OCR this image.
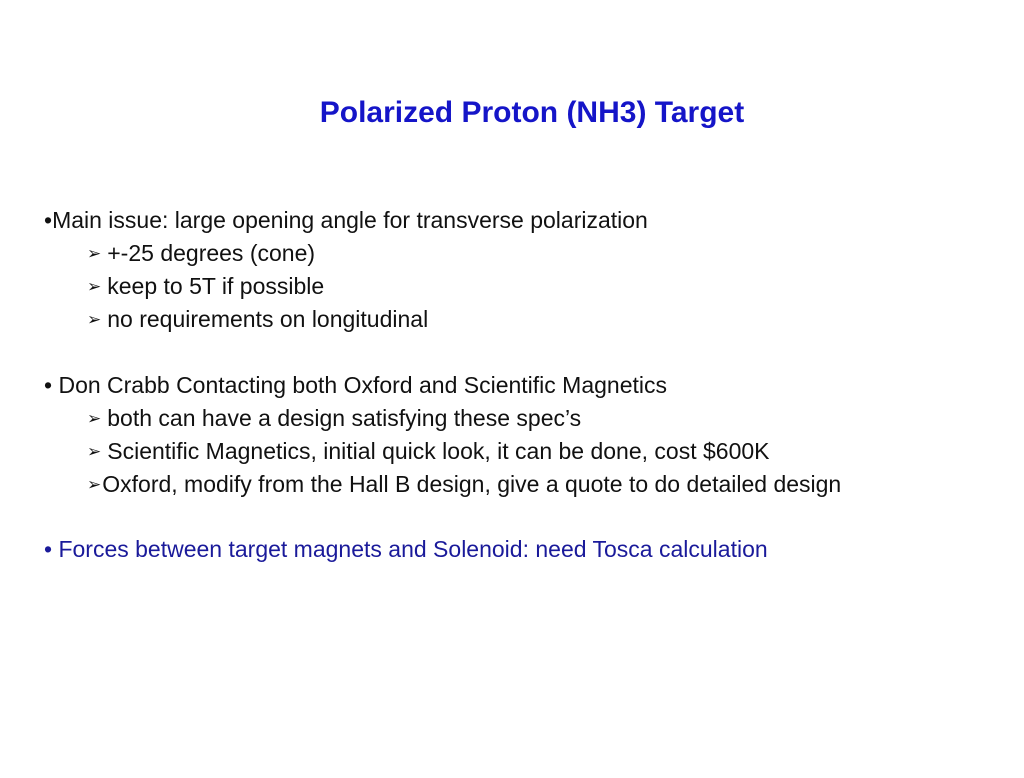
Polarized Proton (NH3) Target
•Main issue: large opening angle for transverse polarization
➢ +-25 degrees (cone)
➢ keep to 5T if possible
➢ no requirements on longitudinal
• Don Crabb Contacting both Oxford and Scientific Magnetics
➢ both can have a design satisfying these spec’s
➢ Scientific Magnetics, initial quick look, it can be done, cost $600K
➢Oxford, modify from the Hall B design, give a quote to do detailed design
• Forces between target magnets and Solenoid: need Tosca calculation
